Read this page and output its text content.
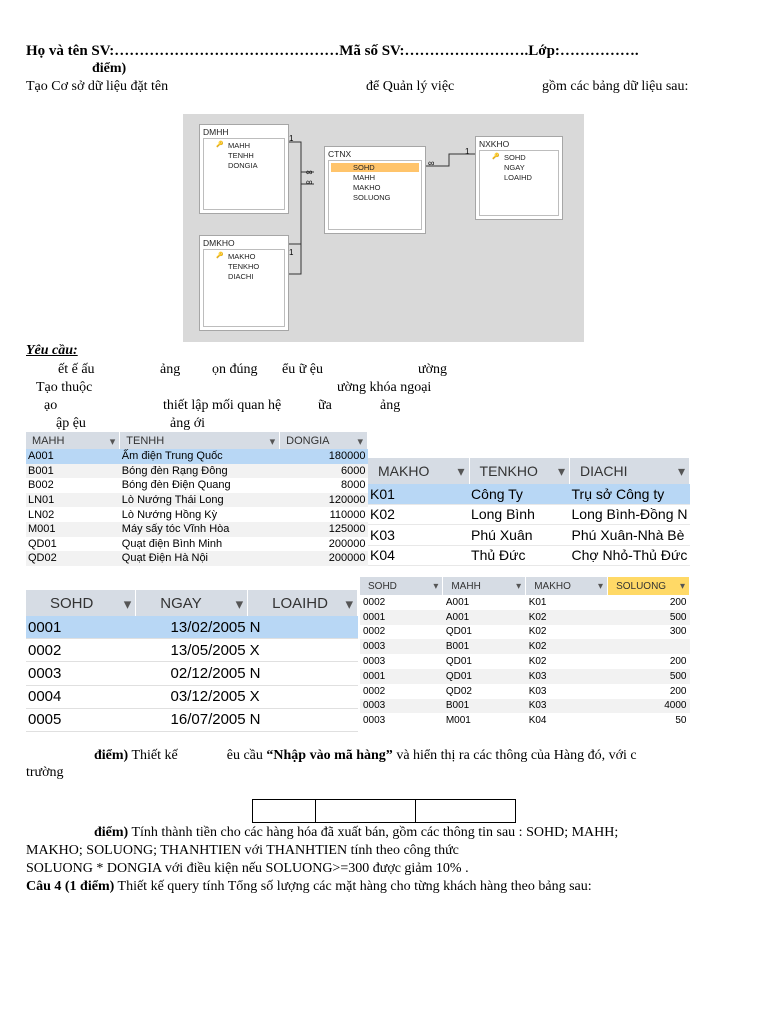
Họ và tên SV:………………………………………Mã số SV:…………………….Lớp:…………….
điểm)
Tạo Cơ sở dữ liệu đặt tên	để Quản lý việc	gồm các bảng dữ liệu sau:
1
∞
∞
1
∞
1
DMHH
🔑 MAHH
TENHH
DONGIA
CTNX
SOHD
MAHH
MAKHO
SOLUONG
NXKHO
🔑 SOHD
NGAY
LOAIHD
DMKHO
🔑 MAKHO
TENKHO
DIACHI
Yêu cầu:
ết ế ấu	ảng ọn đúng ểu ữ ệu	ường
Tạo thuộc	ường khóa ngoại
ạo	thiết lập mối quan hệ	ữa	ảng
ập ệu	ảng ới
MAHH ▾	TENHH ▾	DONGIA ▾

A001	Ấm điện Trung Quốc	180000
B001	Bóng đèn Rạng Đông	6000
B002	Bóng đèn Điện Quang	8000
LN01	Lò Nướng Thái Long	120000
LN02	Lò Nướng Hồng Kỳ	110000
M001	Máy sấy tóc Vĩnh Hòa	125000
QD01	Quạt điện Bình Minh	200000
QD02	Quạt Điện Hà Nội	200000
MAKHO ▾	TENKHO ▾	DIACHI ▾

K01	Công Ty	Trụ sở Công ty
K02	Long Bình	Long Bình-Đồng N
K03	Phú Xuân	Phú Xuân-Nhà Bè
K04	Thủ Đức	Chợ Nhỏ-Thủ Đức
SOHD ▾	NGAY ▾	LOAIHD ▾

0001	13/02/2005	N
0002	13/05/2005	X
0003	02/12/2005	N
0004	03/12/2005	X
0005	16/07/2005	N
SOHD ▾	MAHH ▾	MAKHO ▾	SOLUONG ▾

0002	A001	K01	200
0001	A001	K02	500
0002	QD01	K02	300
0003	B001	K02	
0003	QD01	K02	200
0001	QD01	K03	500
0002	QD02	K03	200
0003	B001	K03	4000
0003	M001	K04	50
điểm) Thiết kế	êu cầu “Nhập vào mã hàng” và hiển thị ra các thông của Hàng đó, với c
trường
điểm) Tính thành tiền cho các hàng hóa đã xuất bán, gồm các thông tin sau : SOHD; MAHH;
MAKHO; SOLUONG; THANHTIEN với THANHTIEN tính theo công thức
SOLUONG * DONGIA với điều kiện nếu SOLUONG>=300 được giảm 10% .
Câu 4 (1 điểm) Thiết kế query tính Tổng số lượng các mặt hàng cho từng khách hàng theo bảng sau:
